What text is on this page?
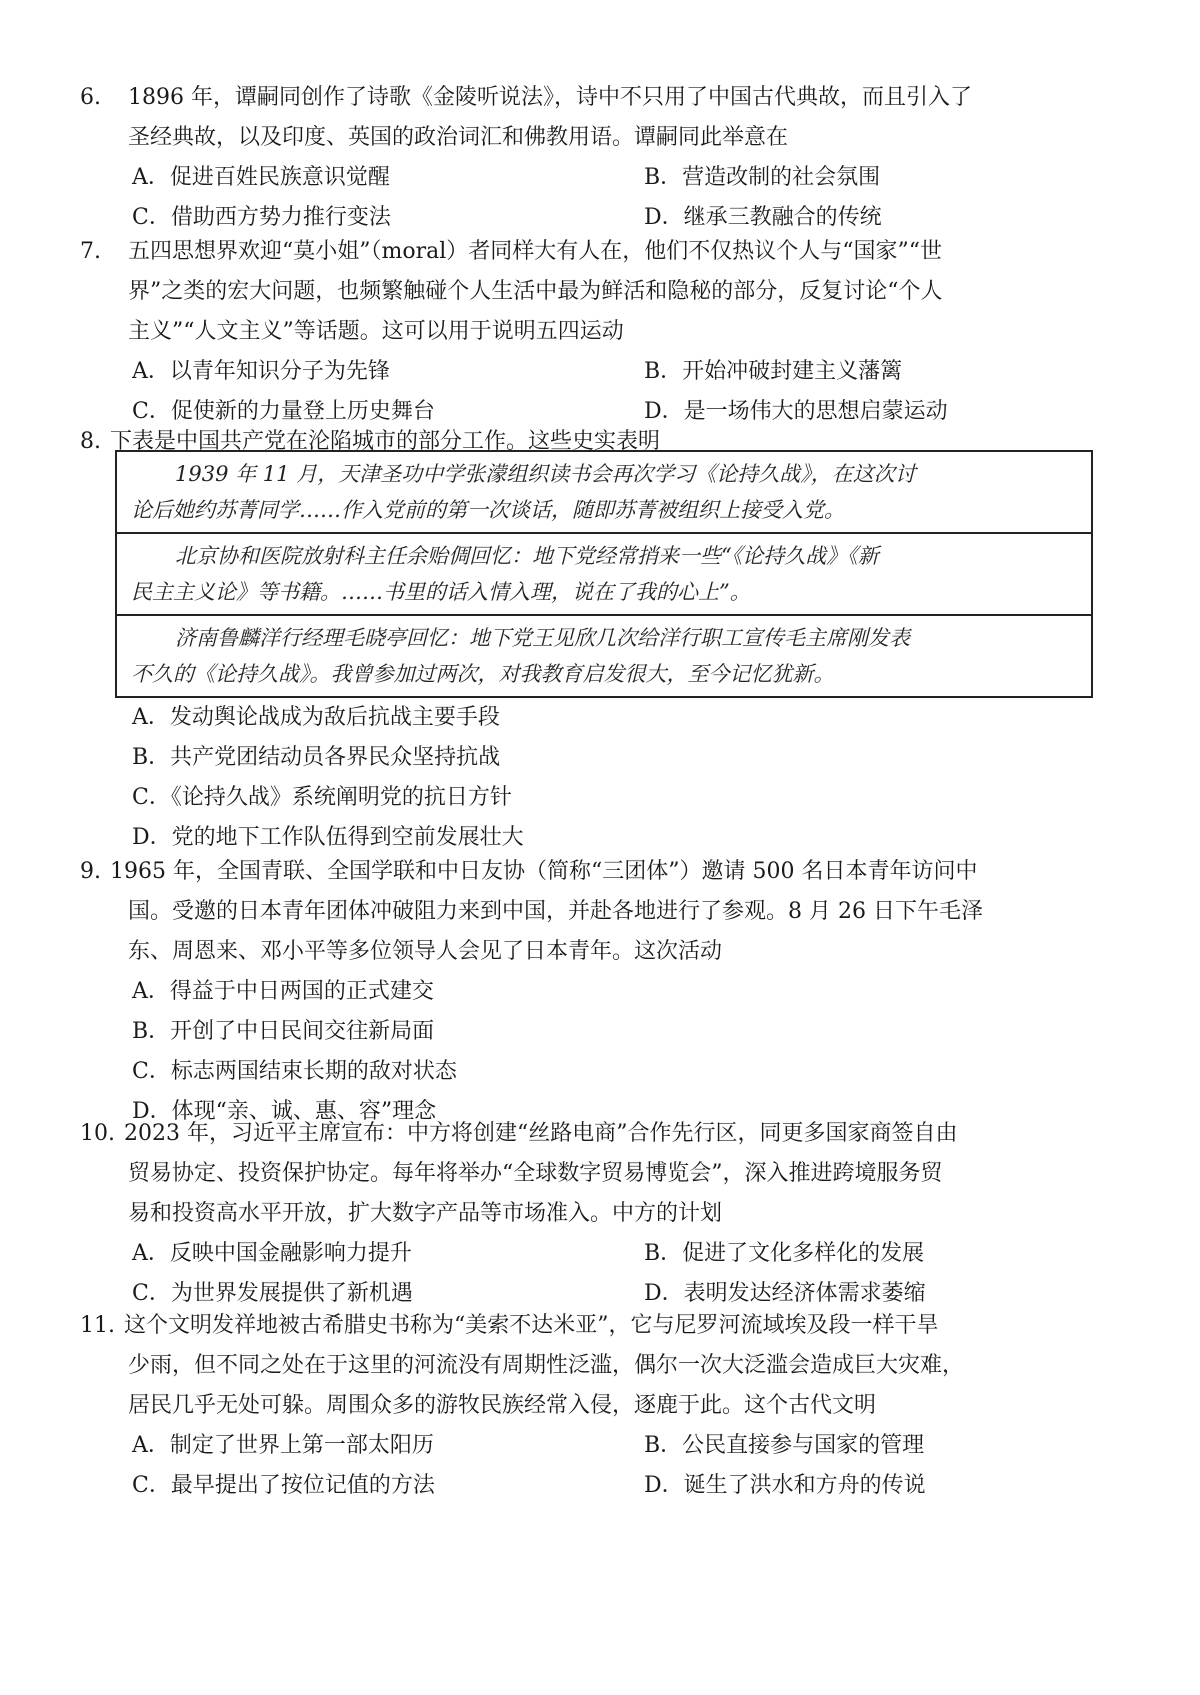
6. 1896 年，谭嗣同创作了诗歌《金陵听说法》，诗中不只用了中国古代典故，而且引入了
圣经典故，以及印度、英国的政治词汇和佛教用语。谭嗣同此举意在
A．促进百姓民族意识觉醒	B．营造改制的社会氛围
C．借助西方势力推行变法	D．继承三教融合的传统
7. 五四思想界欢迎“莫小姐”（moral）者同样大有人在，他们不仅热议个人与“国家”“世
界”之类的宏大问题，也频繁触碰个人生活中最为鲜活和隐秘的部分，反复讨论“个人
主义”“人文主义”等话题。这可以用于说明五四运动
A．以青年知识分子为先锋	B．开始冲破封建主义藩篱
C．促使新的力量登上历史舞台	D．是一场伟大的思想启蒙运动
8. 下表是中国共产党在沦陷城市的部分工作。这些史实表明
1939 年 11 月，天津圣功中学张濛组织读书会再次学习《论持久战》，在这次讨
论后她约苏菁同学……作入党前的第一次谈话，随即苏菁被组织上接受入党。
北京协和医院放射科主任余贻倜回忆：地下党经常捎来一些“《论持久战》《新
民主主义论》等书籍。……书里的话入情入理，说在了我的心上”。
济南鲁麟洋行经理毛晓亭回忆：地下党王见欣几次给洋行职工宣传毛主席刚发表
不久的《论持久战》。我曾参加过两次，对我教育启发很大，至今记忆犹新。
A．发动舆论战成为敌后抗战主要手段
B．共产党团结动员各界民众坚持抗战
C．《论持久战》系统阐明党的抗日方针
D．党的地下工作队伍得到空前发展壮大
9. 1965 年，全国青联、全国学联和中日友协（简称“三团体”）邀请 500 名日本青年访问中
国。受邀的日本青年团体冲破阻力来到中国，并赴各地进行了参观。8 月 26 日下午毛泽
东、周恩来、邓小平等多位领导人会见了日本青年。这次活动
A．得益于中日两国的正式建交
B．开创了中日民间交往新局面
C．标志两国结束长期的敌对状态
D．体现“亲、诚、惠、容”理念
10. 2023 年，习近平主席宣布：中方将创建“丝路电商”合作先行区，同更多国家商签自由
贸易协定、投资保护协定。每年将举办“全球数字贸易博览会”，深入推进跨境服务贸
易和投资高水平开放，扩大数字产品等市场准入。中方的计划
A．反映中国金融影响力提升	B．促进了文化多样化的发展
C．为世界发展提供了新机遇	D．表明发达经济体需求萎缩
11. 这个文明发祥地被古希腊史书称为“美索不达米亚”，它与尼罗河流域埃及段一样干旱
少雨，但不同之处在于这里的河流没有周期性泛滥，偶尔一次大泛滥会造成巨大灾难，
居民几乎无处可躲。周围众多的游牧民族经常入侵，逐鹿于此。这个古代文明
A．制定了世界上第一部太阳历	B．公民直接参与国家的管理
C．最早提出了按位记值的方法	D．诞生了洪水和方舟的传说
